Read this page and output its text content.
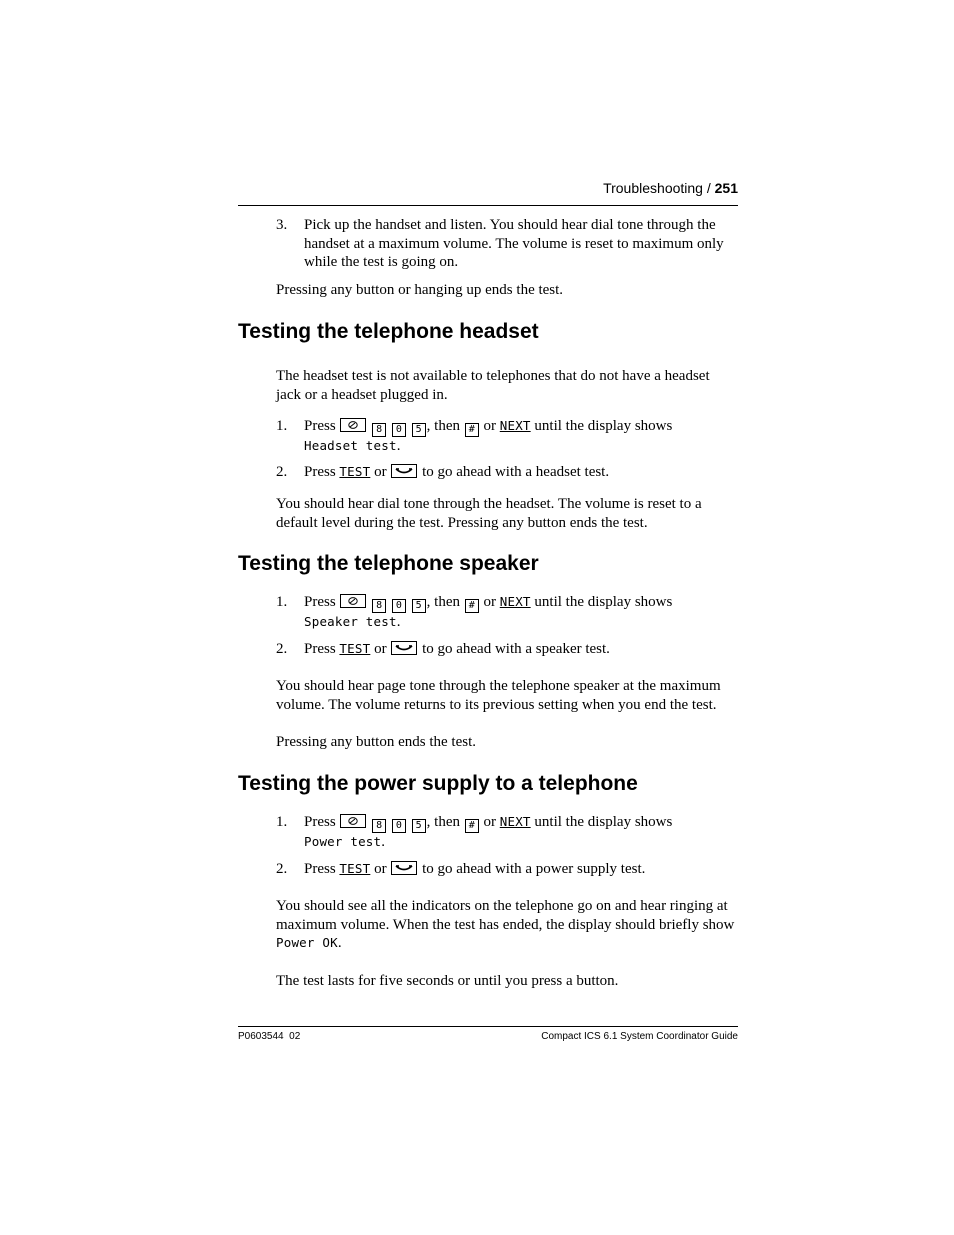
Troubleshooting / 251
3. Pick up the handset and listen. You should hear dial tone through the handset at a maximum volume. The volume is reset to maximum only while the test is going on.
Pressing any button or hanging up ends the test.
Testing the telephone headset
The headset test is not available to telephones that do not have a headset jack or a headset plugged in.
1. Press	8 0 5 , then # or NEXT until the display shows
Headset test.
2. Press TEST or to go ahead with a headset test.
You should hear dial tone through the headset. The volume is reset to a default level during the test. Pressing any button ends the test.
Testing the telephone speaker
1. Press	8 0 5 , then # or NEXT until the display shows
Speaker test.
2. Press TEST or to go ahead with a speaker test.
You should hear page tone through the telephone speaker at the maximum volume. The volume returns to its previous setting when you end the test.
Pressing any button ends the test.
Testing the power supply to a telephone
1. Press	8 0 5 , then # or NEXT until the display shows
Power test.
2. Press TEST or to go ahead with a power supply test.
You should see all the indicators on the telephone go on and hear ringing at maximum volume. When the test has ended, the display should briefly show Power OK.
The test lasts for five seconds or until you press a button.
P0603544  02	Compact ICS 6.1 System Coordinator Guide
